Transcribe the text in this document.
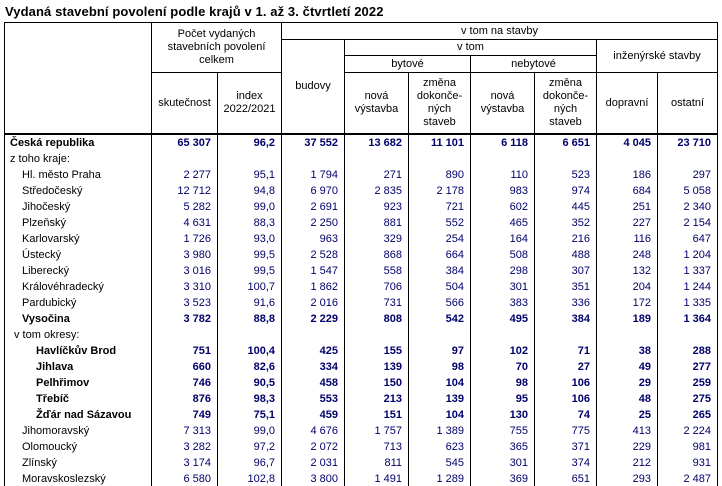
Vydaná stavební povolení podle krajů v 1. až 3. čtvrtletí 2022
	Počet vydaných stavebních povolení celkem		v tom na stavby						
			budovy	v tom				inženýrské stavby	
				bytové		nebytové			
	skutečnost	index 2022/2021		nová výstavba	změna dokonče-ných staveb	nová výstavba	změna dokonče-ných staveb	dopravní	ostatní
Česká republika	65 307	96,2	37 552	13 682	11 101	6 118	6 651	4 045	23 710
z toho kraje:									
Hl. město Praha	2 277	95,1	1 794	271	890	110	523	186	297
Středočeský	12 712	94,8	6 970	2 835	2 178	983	974	684	5 058
Jihočeský	5 282	99,0	2 691	923	721	602	445	251	2 340
Plzeňský	4 631	88,3	2 250	881	552	465	352	227	2 154
Karlovarský	1 726	93,0	963	329	254	164	216	116	647
Ústecký	3 980	99,5	2 528	868	664	508	488	248	1 204
Liberecký	3 016	99,5	1 547	558	384	298	307	132	1 337
Královéhradecký	3 310	100,7	1 862	706	504	301	351	204	1 244
Pardubický	3 523	91,6	2 016	731	566	383	336	172	1 335
Vysočina	3 782	88,8	2 229	808	542	495	384	189	1 364
v tom okresy:									
Havlíčkův Brod	751	100,4	425	155	97	102	71	38	288
Jihlava	660	82,6	334	139	98	70	27	49	277
Pelhřimov	746	90,5	458	150	104	98	106	29	259
Třebíč	876	98,3	553	213	139	95	106	48	275
Žďár nad Sázavou	749	75,1	459	151	104	130	74	25	265
Jihomoravský	7 313	99,0	4 676	1 757	1 389	755	775	413	2 224
Olomoucký	3 282	97,2	2 072	713	623	365	371	229	981
Zlínský	3 174	96,7	2 031	811	545	301	374	212	931
Moravskoslezský	6 580	102,8	3 800	1 491	1 289	369	651	293	2 487
